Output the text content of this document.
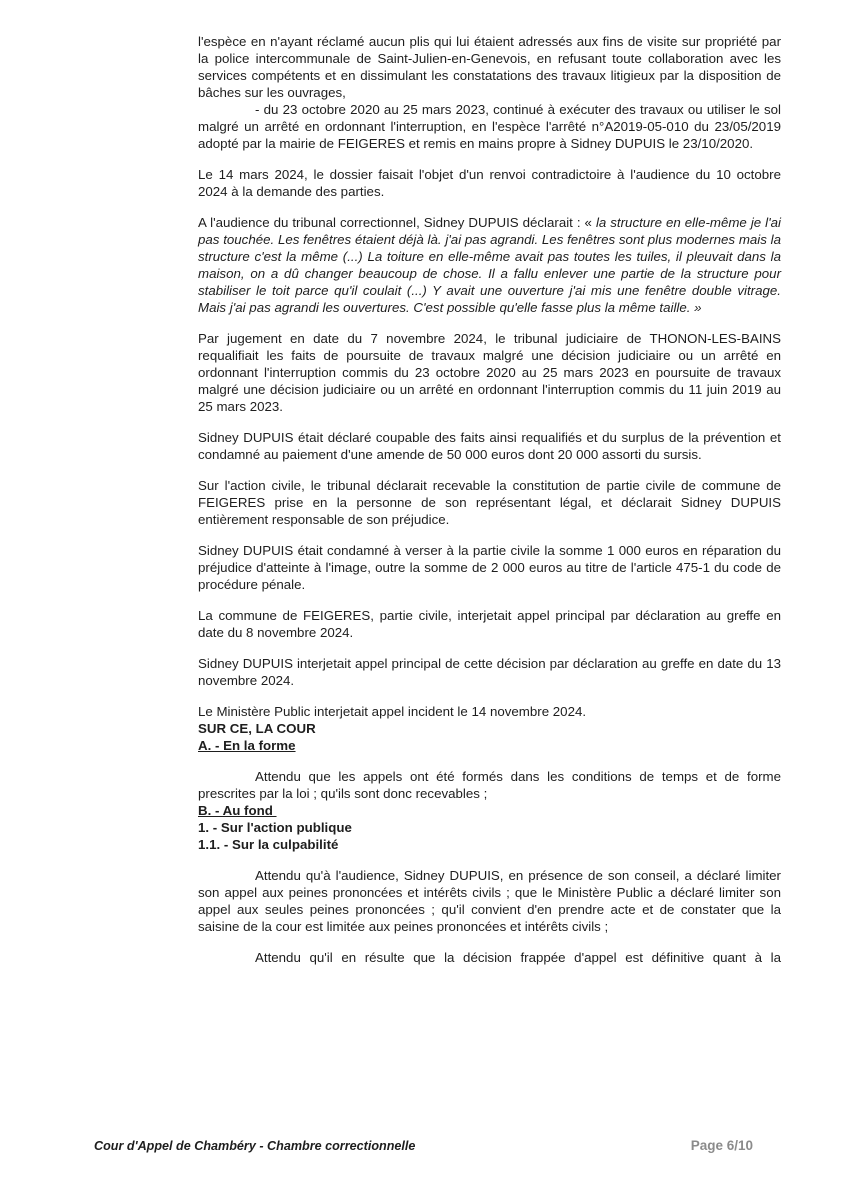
l'espèce en n'ayant réclamé aucun plis qui lui étaient adressés aux fins de visite sur propriété par la police intercommunale de Saint-Julien-en-Genevois, en refusant toute collaboration avec les services compétents et en dissimulant les constatations des travaux litigieux par la disposition de bâches sur les ouvrages,

- du 23 octobre 2020 au 25 mars 2023, continué à exécuter des travaux ou utiliser le sol malgré un arrêté en ordonnant l'interruption, en l'espèce l'arrêté n°A2019-05-010 du 23/05/2019 adopté par la mairie de FEIGERES et remis en mains propre à Sidney DUPUIS le 23/10/2020.

Le 14 mars 2024, le dossier faisait l'objet d'un renvoi contradictoire à l'audience du 10 octobre 2024 à la demande des parties.

A l'audience du tribunal correctionnel, Sidney DUPUIS déclarait : « la structure en elle-même je l'ai pas touchée. Les fenêtres étaient déjà là. j'ai pas agrandi. Les fenêtres sont plus modernes mais la structure c'est la même (...) La toiture en elle-même avait pas toutes les tuiles, il pleuvait dans la maison, on a dû changer beaucoup de chose. Il a fallu enlever une partie de la structure pour stabiliser le toit parce qu'il coulait (...) Y avait une ouverture j'ai mis une fenêtre double vitrage. Mais j'ai pas agrandi les ouvertures. C'est possible qu'elle fasse plus la même taille. »

Par jugement en date du 7 novembre 2024, le tribunal judiciaire de THONON-LES-BAINS requalifiait les faits de poursuite de travaux malgré une décision judiciaire ou un arrêté en ordonnant l'interruption commis du 23 octobre 2020 au 25 mars 2023 en poursuite de travaux malgré une décision judiciaire ou un arrêté en ordonnant l'interruption commis du 11 juin 2019 au 25 mars 2023.

Sidney DUPUIS était déclaré coupable des faits ainsi requalifiés et du surplus de la prévention et condamné au paiement d'une amende de 50 000 euros dont 20 000 assorti du sursis.

Sur l'action civile, le tribunal déclarait recevable la constitution de partie civile de commune de FEIGERES prise en la personne de son représentant légal, et déclarait Sidney DUPUIS entièrement responsable de son préjudice.

Sidney DUPUIS était condamné à verser à la partie civile la somme 1 000 euros en réparation du préjudice d'atteinte à l'image, outre la somme de 2 000 euros au titre de l'article 475-1 du code de procédure pénale.

La commune de FEIGERES, partie civile, interjetait appel principal par déclaration au greffe en date du 8 novembre 2024.

Sidney DUPUIS interjetait appel principal de cette décision par déclaration au greffe en date du 13 novembre 2024.

Le Ministère Public interjetait appel incident le 14 novembre 2024.

SUR CE, LA COUR

A. - En la forme

Attendu que les appels ont été formés dans les conditions de temps et de forme prescrites par la loi ; qu'ils sont donc recevables ;

B. - Au fond

1. - Sur l'action publique

1.1. - Sur la culpabilité

Attendu qu'à l'audience, Sidney DUPUIS, en présence de son conseil, a déclaré limiter son appel aux peines prononcées et intérêts civils ; que le Ministère Public a déclaré limiter son appel aux seules peines prononcées ; qu'il convient d'en prendre acte et de constater que la saisine de la cour est limitée aux peines prononcées et intérêts civils ;

Attendu qu'il en résulte que la décision frappée d'appel est définitive quant à la

Cour d'Appel de Chambéry - Chambre correctionnelle	Page 6/10
